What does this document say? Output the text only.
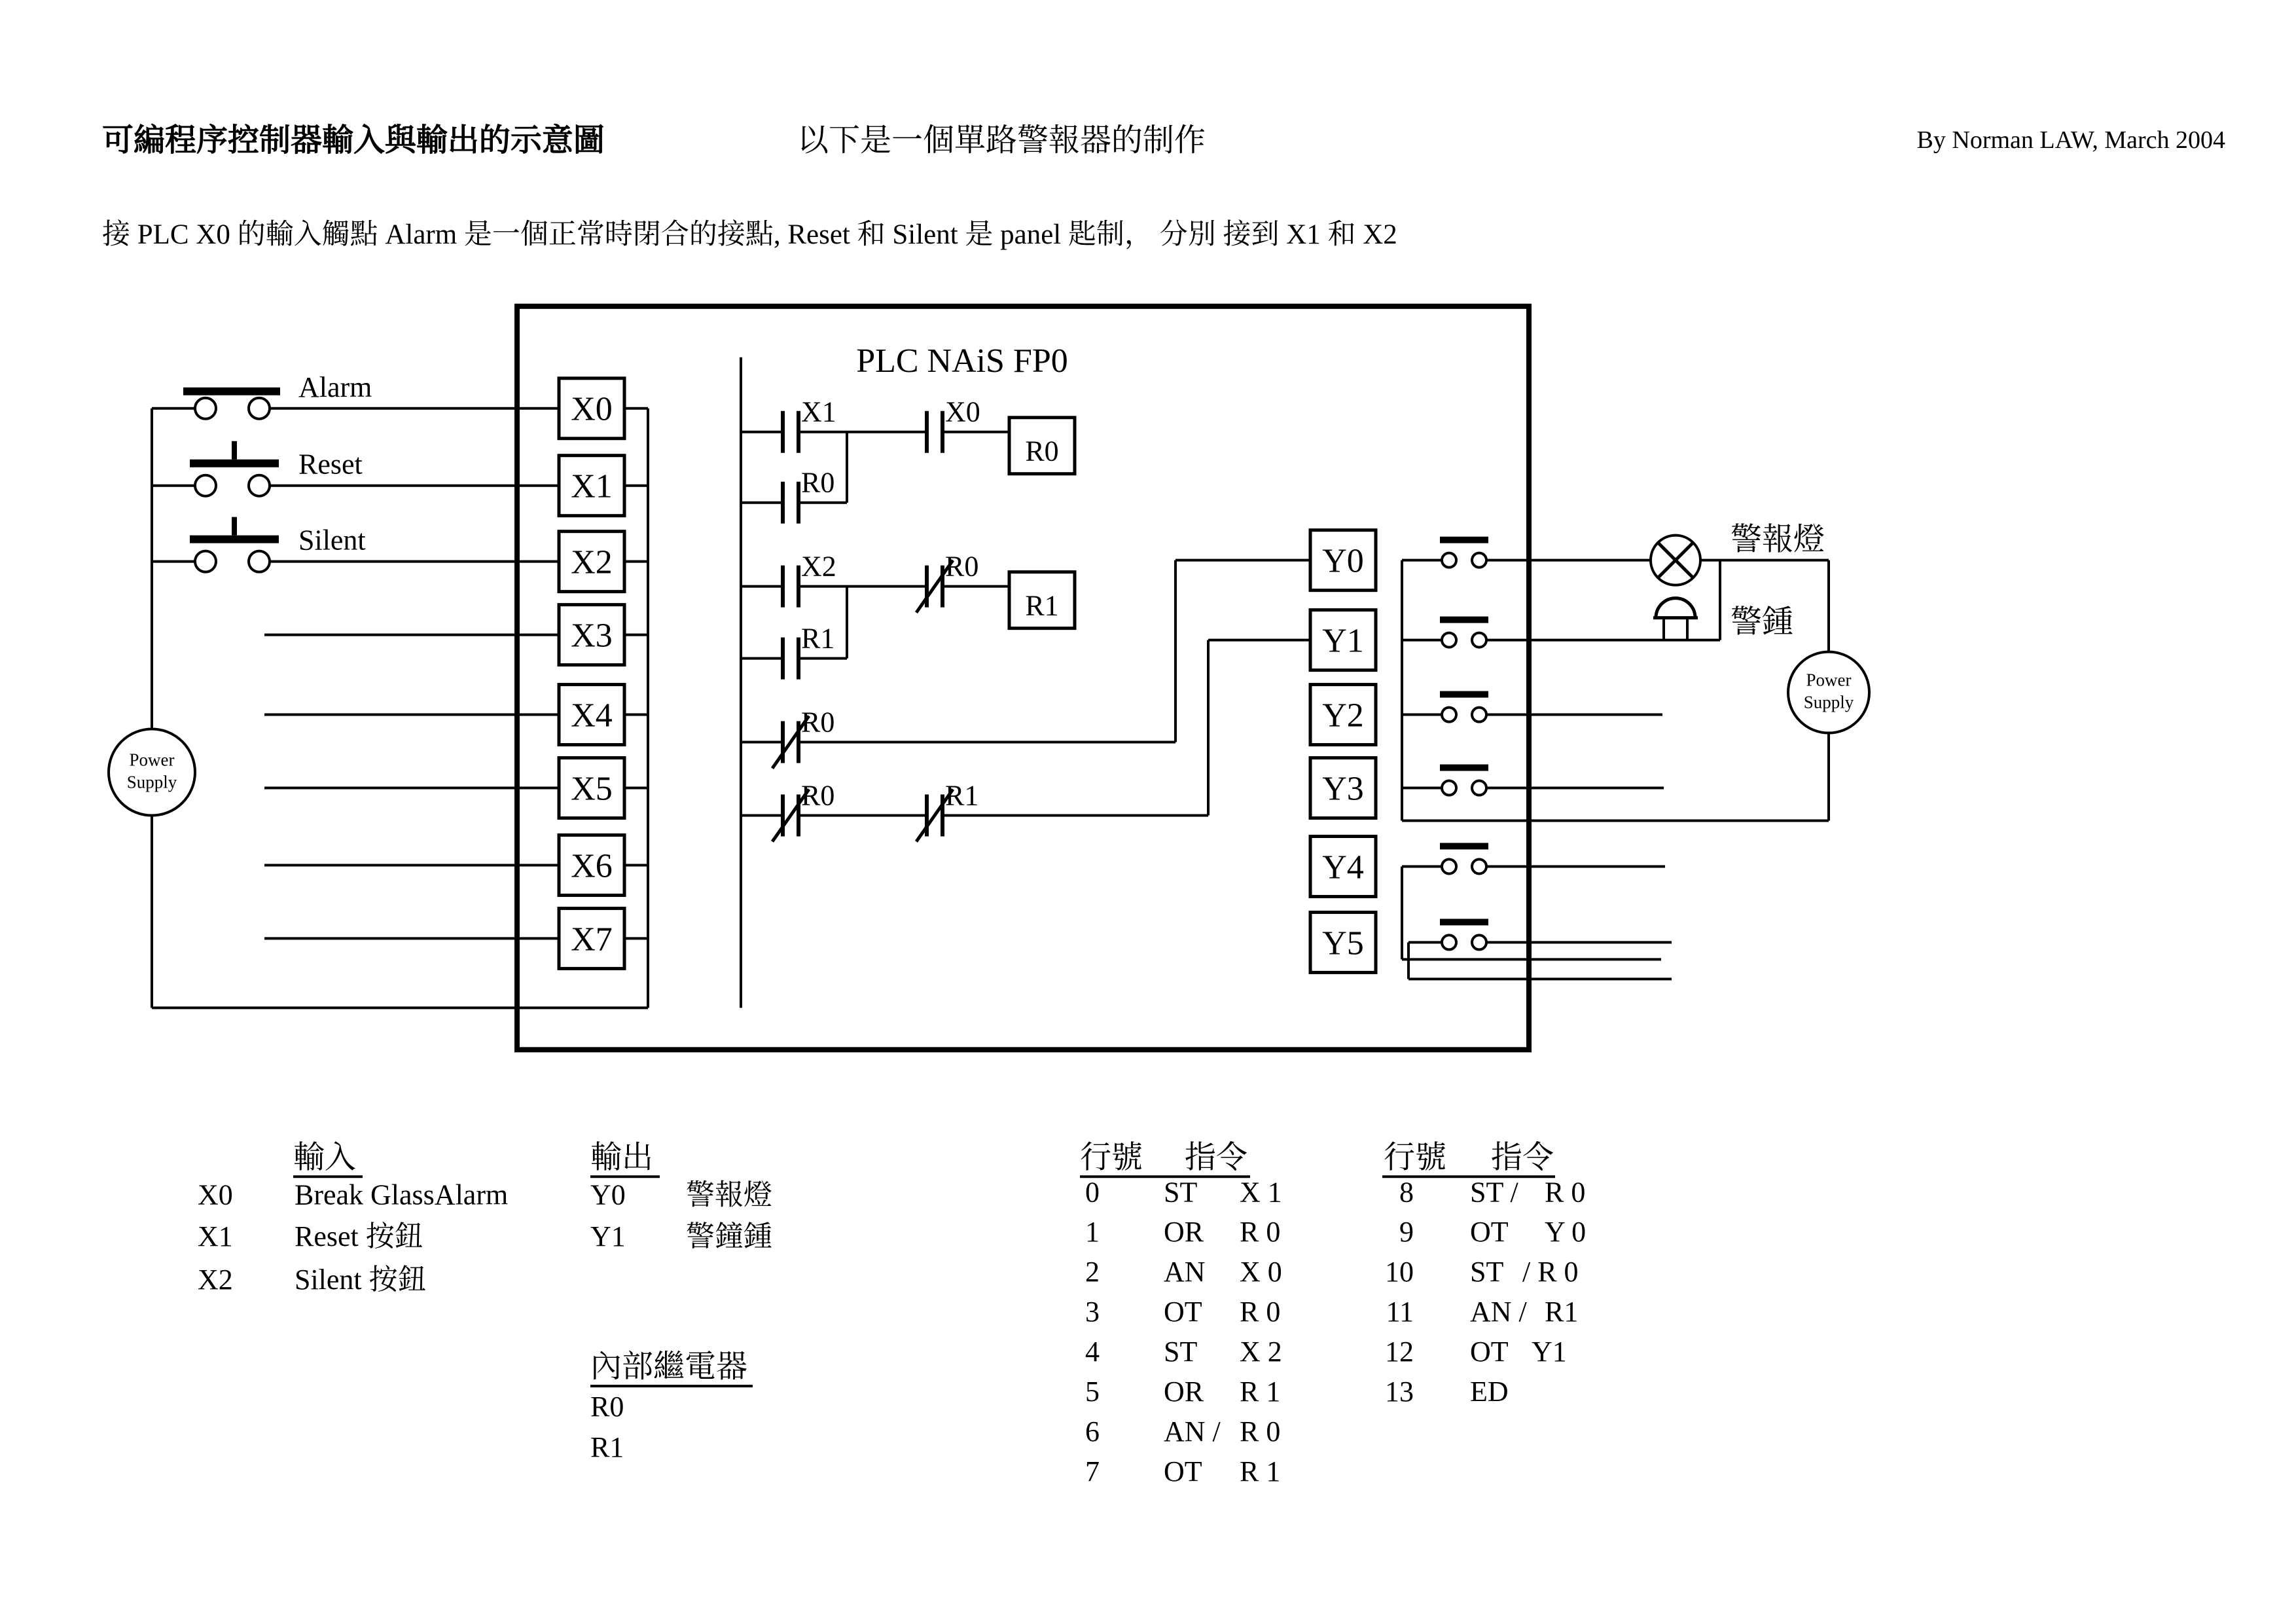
可編程序控制器輸入與輸出的示意圖	以下是一個單路警報器的制作	By Norman LAW, March 2004
接 PLC X0 的輸入觸點 Alarm 是一個正常時閉合的接點, Reset 和 Silent 是 panel 匙制， 分別 接到 X1 和 X2
PLC NAiS FP0
X1	X0
R0
X2	R0
R1
R0
R0	R1
R0
R1
X0
X1
X2
X3
X4
X5
X6
X7
Y0
Y1
Y2
Y3
Y4
Y5
Alarm
Reset
Silent
Power
Supply
警報燈
警鍾
Power
Supply
輸入
X0	Break GlassAlarm
X1	Reset 按鈕
X2	Silent 按鈕
輸出
Y0	警報燈
Y1	警鐘鍾
內部繼電器
R0
R1
行號	指令
0	ST	X 1
1	OR R 0
2	AN X 0
3	OT	R 0
4	ST	X 2
5	OR R 1
6	AN / R 0
7	OT	R 1
行號	指令
8	ST / R 0
9	OT	Y 0
10	ST / R 0
11	AN / R1
12	OT Y1
13	ED
